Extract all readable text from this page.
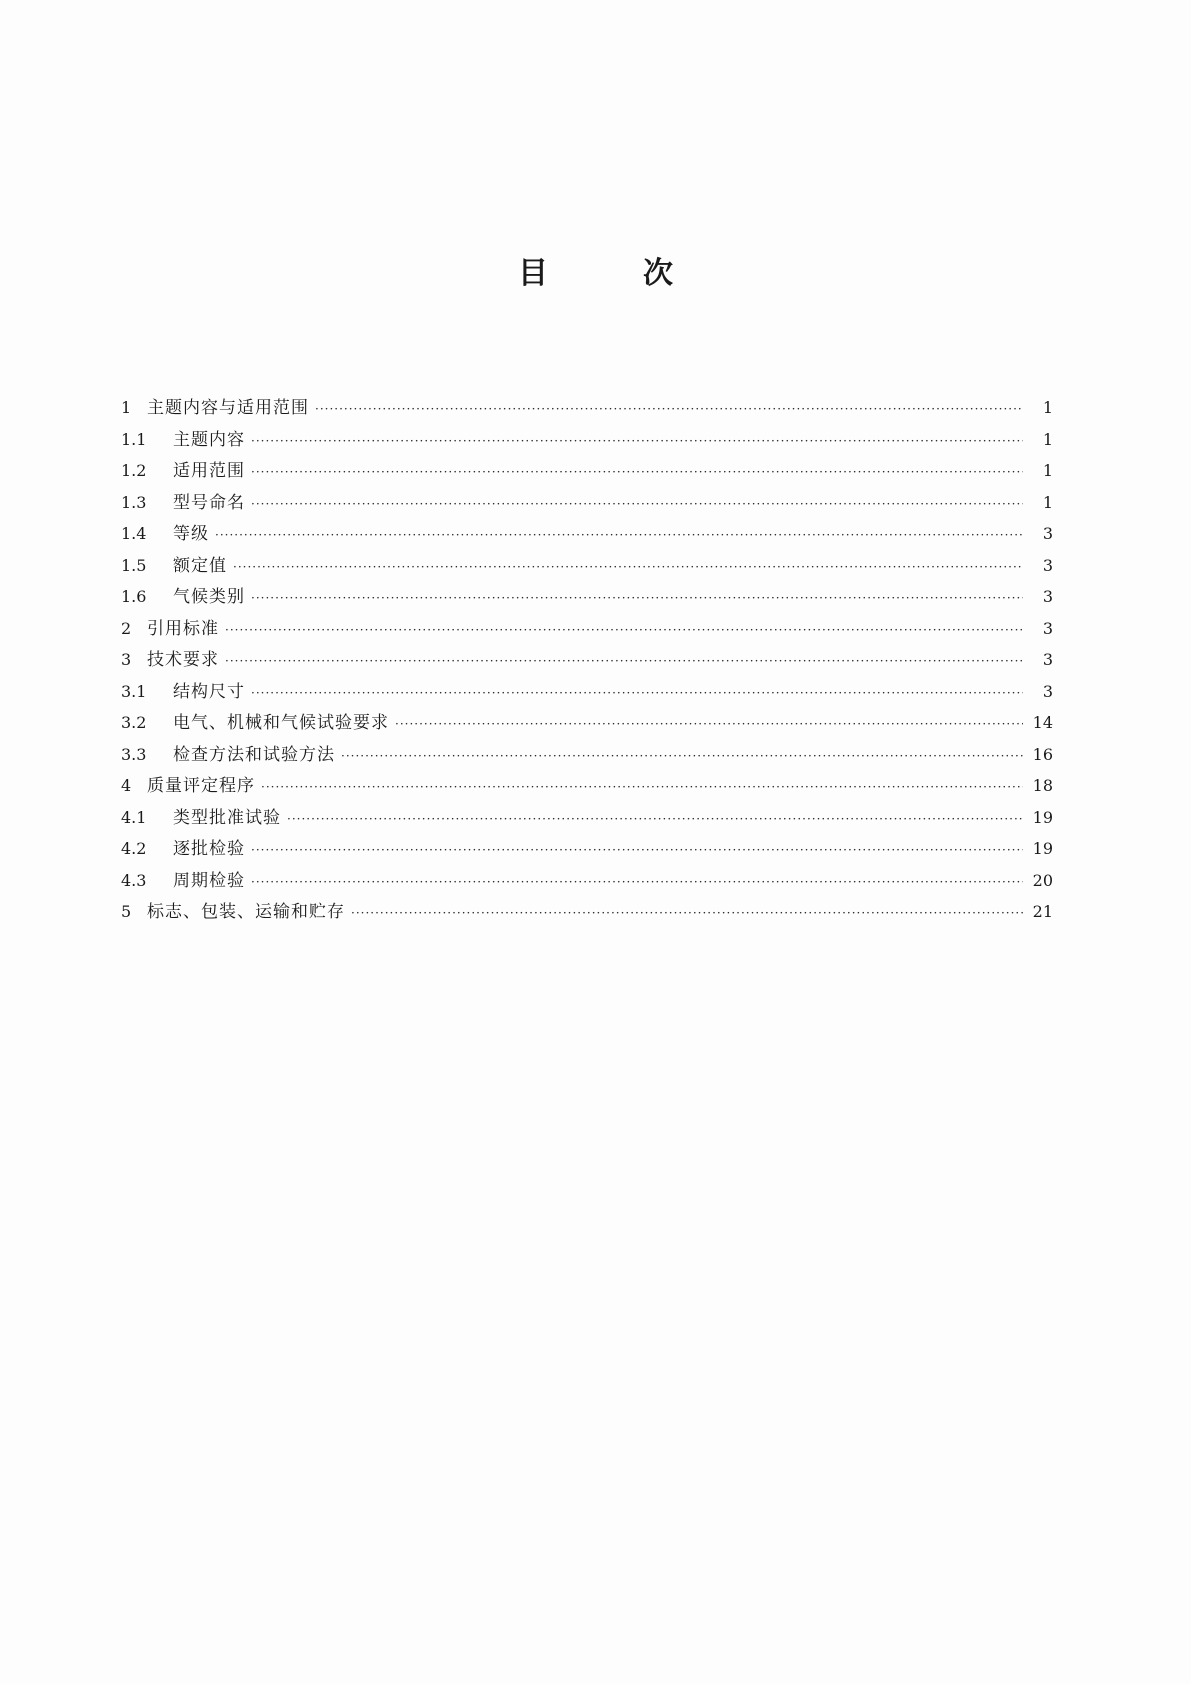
目	次
1 主题内容与适用范围 ·····	1
1.1	主题内容 ·····	1
1.2	适用范围 ·····	1
1.3	型号命名 ·····	1
1.4	等级 ·····	3
1.5	额定值 ·····	3
1.6	气候类别 ·····	3
2 引用标准 ·····	3
3 技术要求 ·····	3
3.1	结构尺寸 ·····	3
3.2	电气、机械和气候试验要求 ·····	14
3.3	检查方法和试验方法 ·····	16
4 质量评定程序 ·····	18
4.1	类型批准试验 ·····	19
4.2	逐批检验 ·····	19
4.3	周期检验 ·····	20
5 标志、包装、运输和贮存 ·····	21
